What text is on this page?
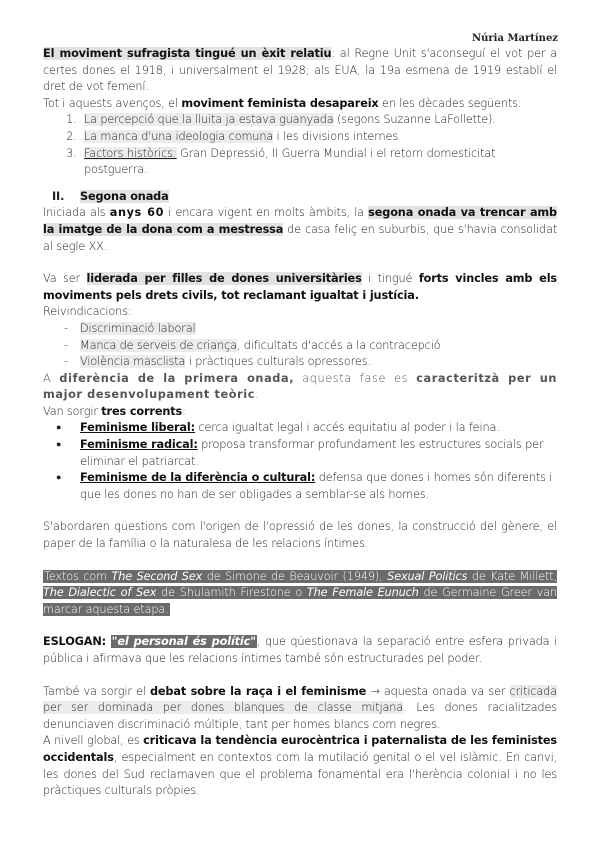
Núria Martínez

El moviment sufragista tingué un èxit relatiu: al Regne Unit s'aconseguí el vot per a certes dones el 1918, i universalment el 1928; als EUA, la 19a esmena de 1919 establí el dret de vot femení.

Tot i aquests avenços, el moviment feminista desapareix en les dècades següents:

1. La percepció que la lluita ja estava guanyada (segons Suzanne LaFollette).
2. La manca d'una ideologia comuna i les divisions internes.
3. Factors històrics: Gran Depressió, II Guerra Mundial i el retorn domesticitat postguerra.

II. Segona onada

Iniciada als anys 60 i encara vigent en molts àmbits, la segona onada va trencar amb la imatge de la dona com a mestressa de casa feliç en suburbis, que s'havia consolidat al segle XX.

Va ser liderada per filles de dones universitàries i tingué forts vincles amb els moviments pels drets civils, tot reclamant igualtat i justícia.

Reivindicacions:

- Discriminació laboral
- Manca de serveis de criança, dificultats d'accés a la contracepció
- Violència masclista i pràctiques culturals opressores.

A diferència de la primera onada, aquesta fase es caracteritzà per un major desenvolupament teòric.

Van sorgir tres corrents:

● Feminisme liberal: cerca igualtat legal i accés equitatiu al poder i la feina.
● Feminisme radical: proposa transformar profundament les estructures socials per eliminar el patriarcat.
● Feminisme de la diferència o cultural: defensa que dones i homes són diferents i que les dones no han de ser obligades a semblar-se als homes.

S'abordaren qüestions com l'origen de l'opressió de les dones, la construcció del gènere, el paper de la família o la naturalesa de les relacions íntimes.

Textos com The Second Sex de Simone de Beauvoir (1949), Sexual Politics de Kate Millett, The Dialectic of Sex de Shulamith Firestone o The Female Eunuch de Germaine Greer van marcar aquesta etapa.

ESLOGAN: "el personal és polític", que qüestionava la separació entre esfera privada i pública i afirmava que les relacions íntimes també són estructurades pel poder.

També va sorgir el debat sobre la raça i el feminisme → aquesta onada va ser criticada per ser dominada per dones blanques de classe mitjana. Les dones racialitzades denunciaven discriminació múltiple, tant per homes blancs com negres.

A nivell global, es criticava la tendència eurocèntrica i paternalista de les feministes occidentals, especialment en contextos com la mutilació genital o el vel islàmic. En canvi, les dones del Sud reclamaven que el problema fonamental era l'herència colonial i no les pràctiques culturals pròpies.
